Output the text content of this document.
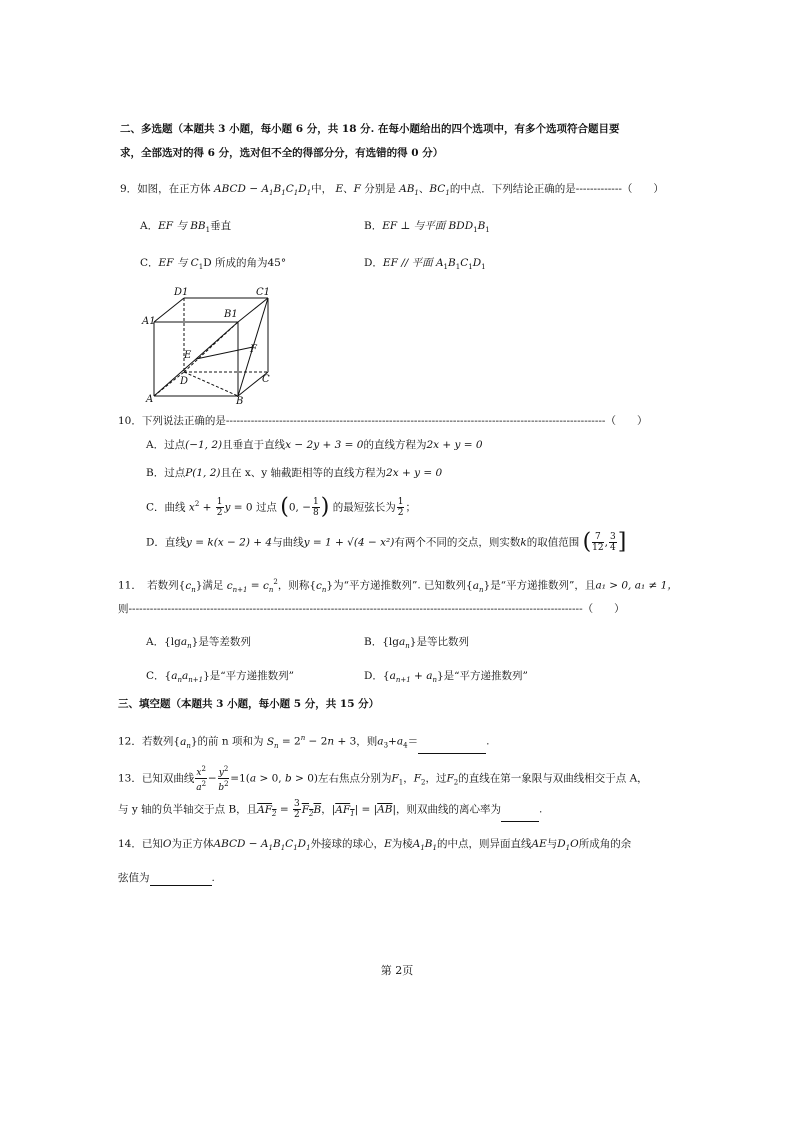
二、多选题（本题共 3 小题，每小题 6 分，共 18 分. 在每小题给出的四个选项中，有多个选项符合题目要
求，全部选对的得 6 分，选对但不全的得部分分，有选错的得 0 分）
9．如图，在正方体 ABCD − $A_1B_1C_1D_1$中， E、F 分别是 $AB_1$、$BC_1$的中点．下列结论正确的是-------------（　　）
A．EF 与 $BB_1$垂直	B．EF ⊥ 与平面 $BDD_1B_1$
C．EF 与 $C_1D$ 所成的角为45°	D．EF // 平面 $A_1B_1C_1D_1$
D1	C1
A1
B1
E
F
D	C
A	B
10．下列说法正确的是-----------------------------------------------------------------------------------------------------------（　　）
A．过点(−1, 2)且垂直于直线x − 2y + 3 = 0的直线方程为2x + y = 0
B．过点P(1, 2)且在 x、y 轴截距相等的直线方程为2x + y = 0
C．曲线 $x^2 + \frac{1}{2}$ y = 0 过点 (0, − $\frac{1}{8}$ ) 的最短弦长为 $\frac{1}{2}$ ；
D．直线y = k(x − 2) + 4与曲线y = 1 + √(4 − x²)有两个不同的交点，则实数k的取值范围 ( $\frac{7}{12}$ , $\frac{3}{4}$ ]
11．　若数列$\{c_n\}$满足 $c_{n+1} = c_n^2$，则称$\{c_n\}$为“平方递推数列”. 已知数列$\{a_n\}$是“平方递推数列”，且a₁ > 0, a₁ ≠ 1，
则--------------------------------------------------------------------------------------------------------------------------------（　　）
A．{lga$_n$}是等差数列	B．{lga$_n$}是等比数列
C．$\{a_na_{n+1}\}$是“平方递推数列”	D．$\{a_{n+1} + a_n\}$是“平方递推数列”
三、填空题（本题共 3 小题，每小题 5 分，共 15 分）
12．若数列$\{a_n\}$的前 n 项和为 $S_n = 2^n - 2n + 3$，则$a_3+a_4=$	.
13．已知双曲线 $\frac{x^2}{a^2} - \frac{y^2}{b^2} =1(a > 0$, b > 0)左右焦点分别为$F_1$，$F_2$，过$F_2$的直线在第一象限与双曲线相交于点 A，
与 y 轴的负半轴交于点 B，且$AF_2 = \frac{3}{2} F_2B$，$|AF_1| = |\overline{AB}|$，则双曲线的离心率为	.
14．已知O为正方体ABCD − $A_1B_1C_1D_1$外接球的球心，E为棱$A_1B_1$的中点，则异面直线AE与$D_1O$所成角的余
弦值为	.
第 2页
